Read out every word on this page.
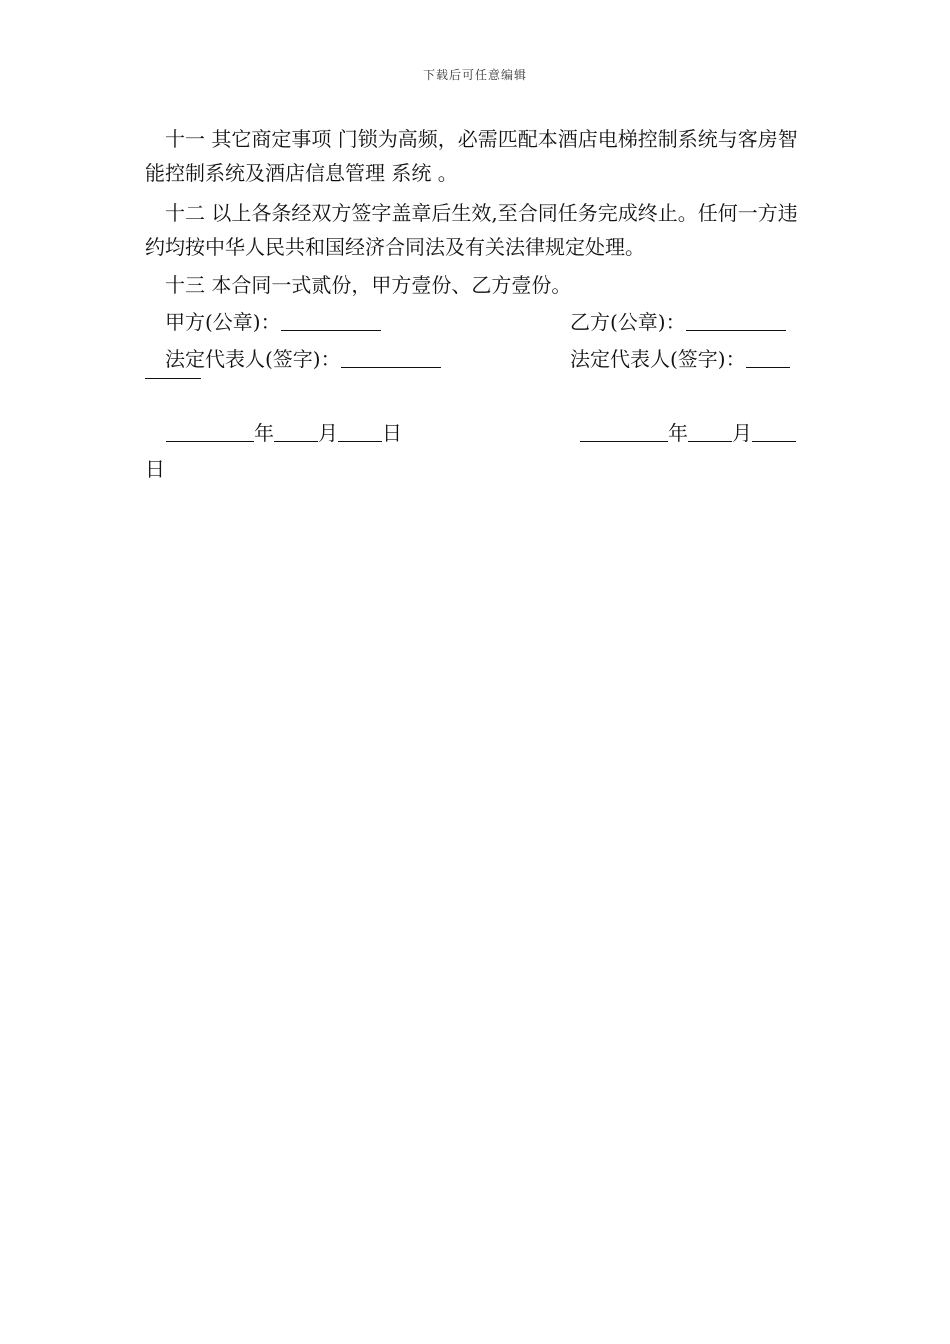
下载后可任意编辑
十一 其它商定事项 门锁为高频，必需匹配本酒店电梯控制系统与客房智能控制系统及酒店信息管理 系统 。
十二 以上各条经双方签字盖章后生效,至合同任务完成终止。任何一方违约均按中华人民共和国经济合同法及有关法律规定处理。
十三 本合同一式贰份，甲方壹份、乙方壹份。
甲方(公章)：	乙方(公章)：
法定代表人(签字)：	法定代表人(签字)：
年 月 日	年 月
日
